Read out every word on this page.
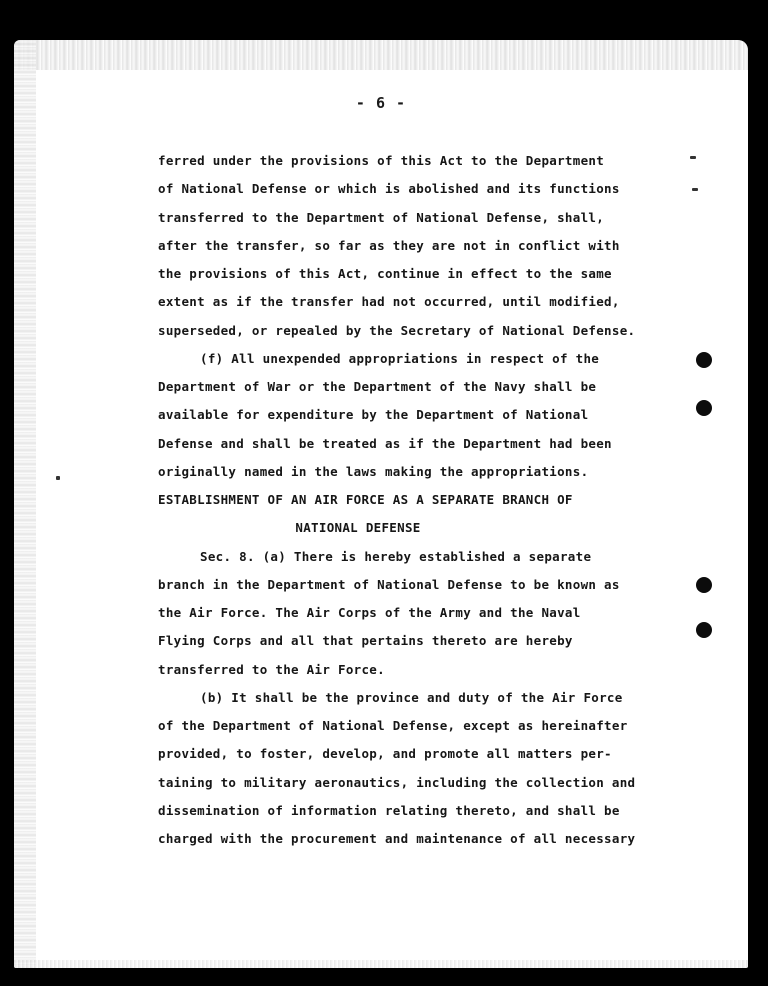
- 6 -
ferred under the provisions of this Act to the Department
of National Defense or which is abolished and its functions
transferred to the Department of National Defense, shall,
after the transfer, so far as they are not in conflict with
the provisions of this Act, continue in effect to the same
extent as if the transfer had not occurred, until modified,
superseded, or repealed by the Secretary of National Defense.
(f) All unexpended appropriations in respect of the
Department of War or the Department of the Navy shall be
available for expenditure by the Department of National
Defense and shall be treated as if the Department had been
originally named in the laws making the appropriations.
ESTABLISHMENT OF AN AIR FORCE AS A SEPARATE BRANCH OF
NATIONAL DEFENSE
Sec. 8. (a) There is hereby established a separate
branch in the Department of National Defense to be known as
the Air Force. The Air Corps of the Army and the Naval
Flying Corps and all that pertains thereto are hereby
transferred to the Air Force.
(b) It shall be the province and duty of the Air Force
of the Department of National Defense, except as hereinafter
provided, to foster, develop, and promote all matters per-
taining to military aeronautics, including the collection and
dissemination of information relating thereto, and shall be
charged with the procurement and maintenance of all necessary
